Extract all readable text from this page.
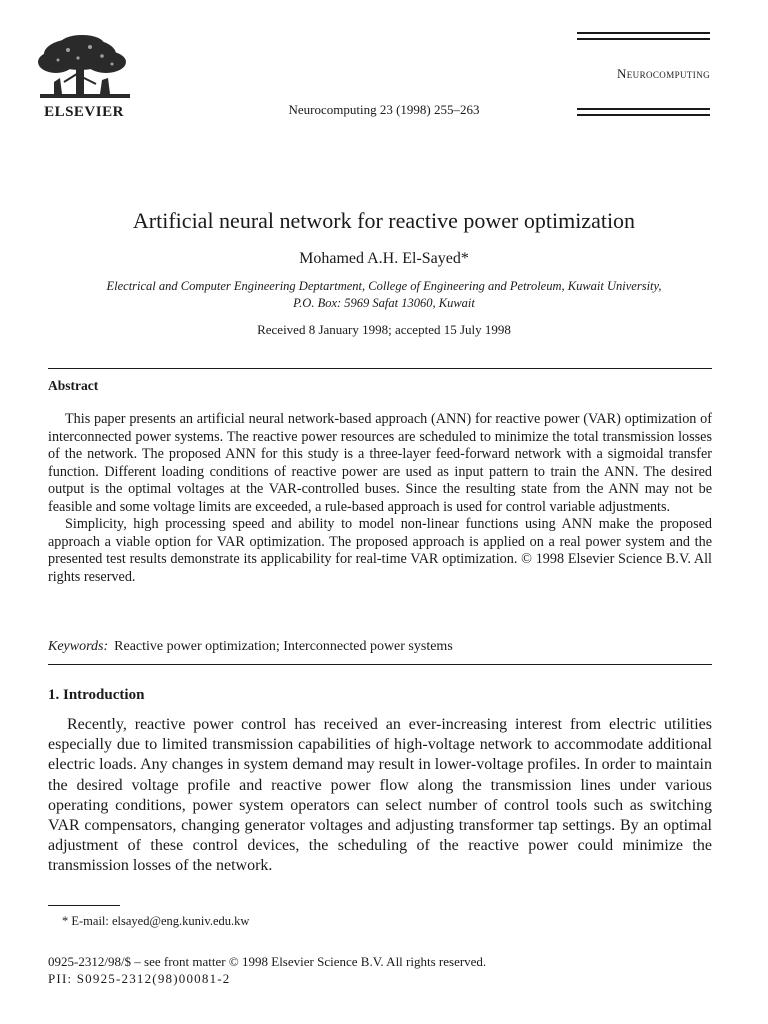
ELSEVIER	Neurocomputing 23 (1998) 255–263
Neurocomputing
Artificial neural network for reactive power optimization
Mohamed A.H. El-Sayed*
Electrical and Computer Engineering Deptartment, College of Engineering and Petroleum, Kuwait University,
P.O. Box: 5969 Safat 13060, Kuwait
Received 8 January 1998; accepted 15 July 1998
Abstract

This paper presents an artificial neural network-based approach (ANN) for reactive power (VAR) optimization of interconnected power systems. The reactive power resources are scheduled to minimize the total transmission losses of the network. The proposed ANN for this study is a three-layer feed-forward network with a sigmoidal transfer function. Different loading conditions of reactive power are used as input pattern to train the ANN. The desired output is the optimal voltages at the VAR-controlled buses. Since the resulting state from the ANN may not be feasible and some voltage limits are exceeded, a rule-based approach is used for control variable adjustments.

Simplicity, high processing speed and ability to model non-linear functions using ANN make the proposed approach a viable option for VAR optimization. The proposed approach is applied on a real power system and the presented test results demonstrate its applicability for real-time VAR optimization. © 1998 Elsevier Science B.V. All rights reserved.

Keywords: Reactive power optimization; Interconnected power systems
1. Introduction

Recently, reactive power control has received an ever-increasing interest from electric utilities especially due to limited transmission capabilities of high-voltage network to accommodate additional electric loads. Any changes in system demand may result in lower-voltage profiles. In order to maintain the desired voltage profile and reactive power flow along the transmission lines under various operating conditions, power system operators can select number of control tools such as switching VAR compensators, changing generator voltages and adjusting transformer tap settings. By an optimal adjustment of these control devices, the scheduling of the reactive power could minimize the transmission losses of the network.

* E-mail: elsayed@eng.kuniv.edu.kw
0925-2312/98/$ – see front matter © 1998 Elsevier Science B.V. All rights reserved.
PII: S0925-2312(98)00081-2
